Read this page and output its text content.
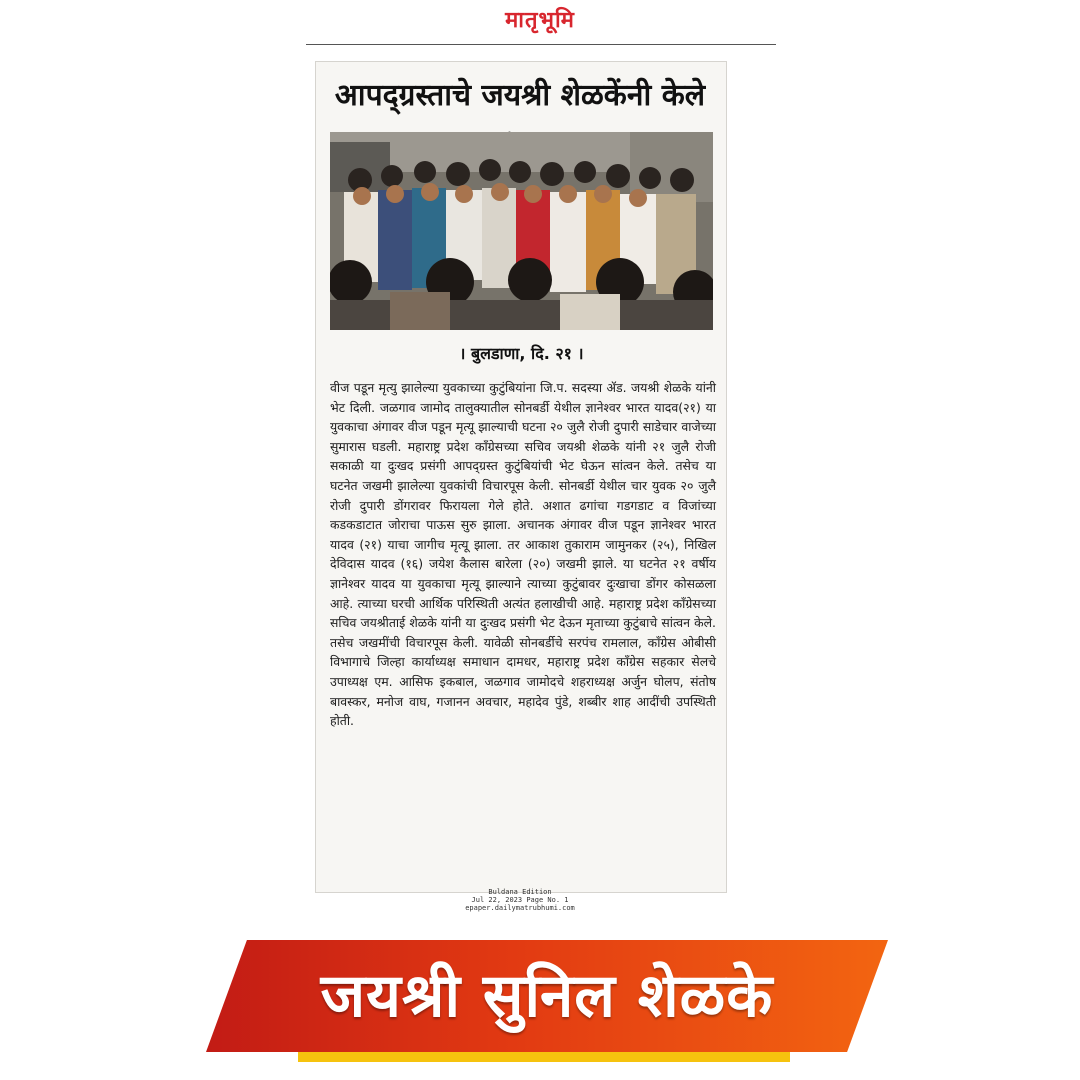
मातृभूमि
आपद्ग्रस्ताचे जयश्री शेळकेंनी केले
। बुलडाणा, दि. २१ ।
वीज पडून मृत्यु झालेल्या युवकाच्या कुटुंबियांना जि.प. सदस्या ॲड. जयश्री शेळके यांनी भेट दिली. जळगाव जामोद तालुक्यातील सोनबर्डी येथील ज्ञानेश्वर भारत यादव(२१) या युवकाचा अंगावर वीज पडून मृत्यू झाल्याची घटना २० जुलै रोजी दुपारी साडेचार वाजेच्या सुमारास घडली. महाराष्ट्र प्रदेश काँग्रेसच्या सचिव जयश्री शेळके यांनी २१ जुलै रोजी सकाळी या दुःखद प्रसंगी आपद्ग्रस्त कुटुंबियांची भेट घेऊन सांत्वन केले. तसेच या घटनेत जखमी झालेल्या युवकांची विचारपूस केली. सोनबर्डी येथील चार युवक २० जुलै रोजी दुपारी डोंगरावर फिरायला गेले होते. अशात ढगांचा गडगडाट व विजांच्या कडकडाटात जोराचा पाऊस सुरु झाला. अचानक अंगावर वीज पडून ज्ञानेश्वर भारत यादव (२१) याचा जागीच मृत्यू झाला. तर आकाश तुकाराम जामुनकर (२५), निखिल देविदास यादव (१६) जयेश कैलास बारेला (२०) जखमी झाले. या घटनेत २१ वर्षीय ज्ञानेश्वर यादव या युवकाचा मृत्यू झाल्याने त्याच्या कुटुंबावर दुःखाचा डोंगर कोसळला आहे. त्याच्या घरची आर्थिक परिस्थिती अत्यंत हलाखीची आहे. महाराष्ट्र प्रदेश काँग्रेसच्या सचिव जयश्रीताई शेळके यांनी या दुःखद प्रसंगी भेट देऊन मृताच्या कुटुंबाचे सांत्वन केले. तसेच जखमींची विचारपूस केली. यावेळी सोनबर्डीचे सरपंच रामलाल, काँग्रेस ओबीसी विभागाचे जिल्हा कार्याध्यक्ष समाधान दामधर, महाराष्ट्र प्रदेश काँग्रेस सहकार सेलचे उपाध्यक्ष एम. आसिफ इकबाल, जळगाव जामोदचे शहराध्यक्ष अर्जुन घोलप, संतोष बावस्कर, मनोज वाघ, गजानन अवचार, महादेव पुंडे, शब्बीर शाह आदींची उपस्थिती होती.
Buldana Edition
Jul 22, 2023 Page No. 1
epaper.dailymatrubhumi.com
जयश्री सुनिल शेळके
